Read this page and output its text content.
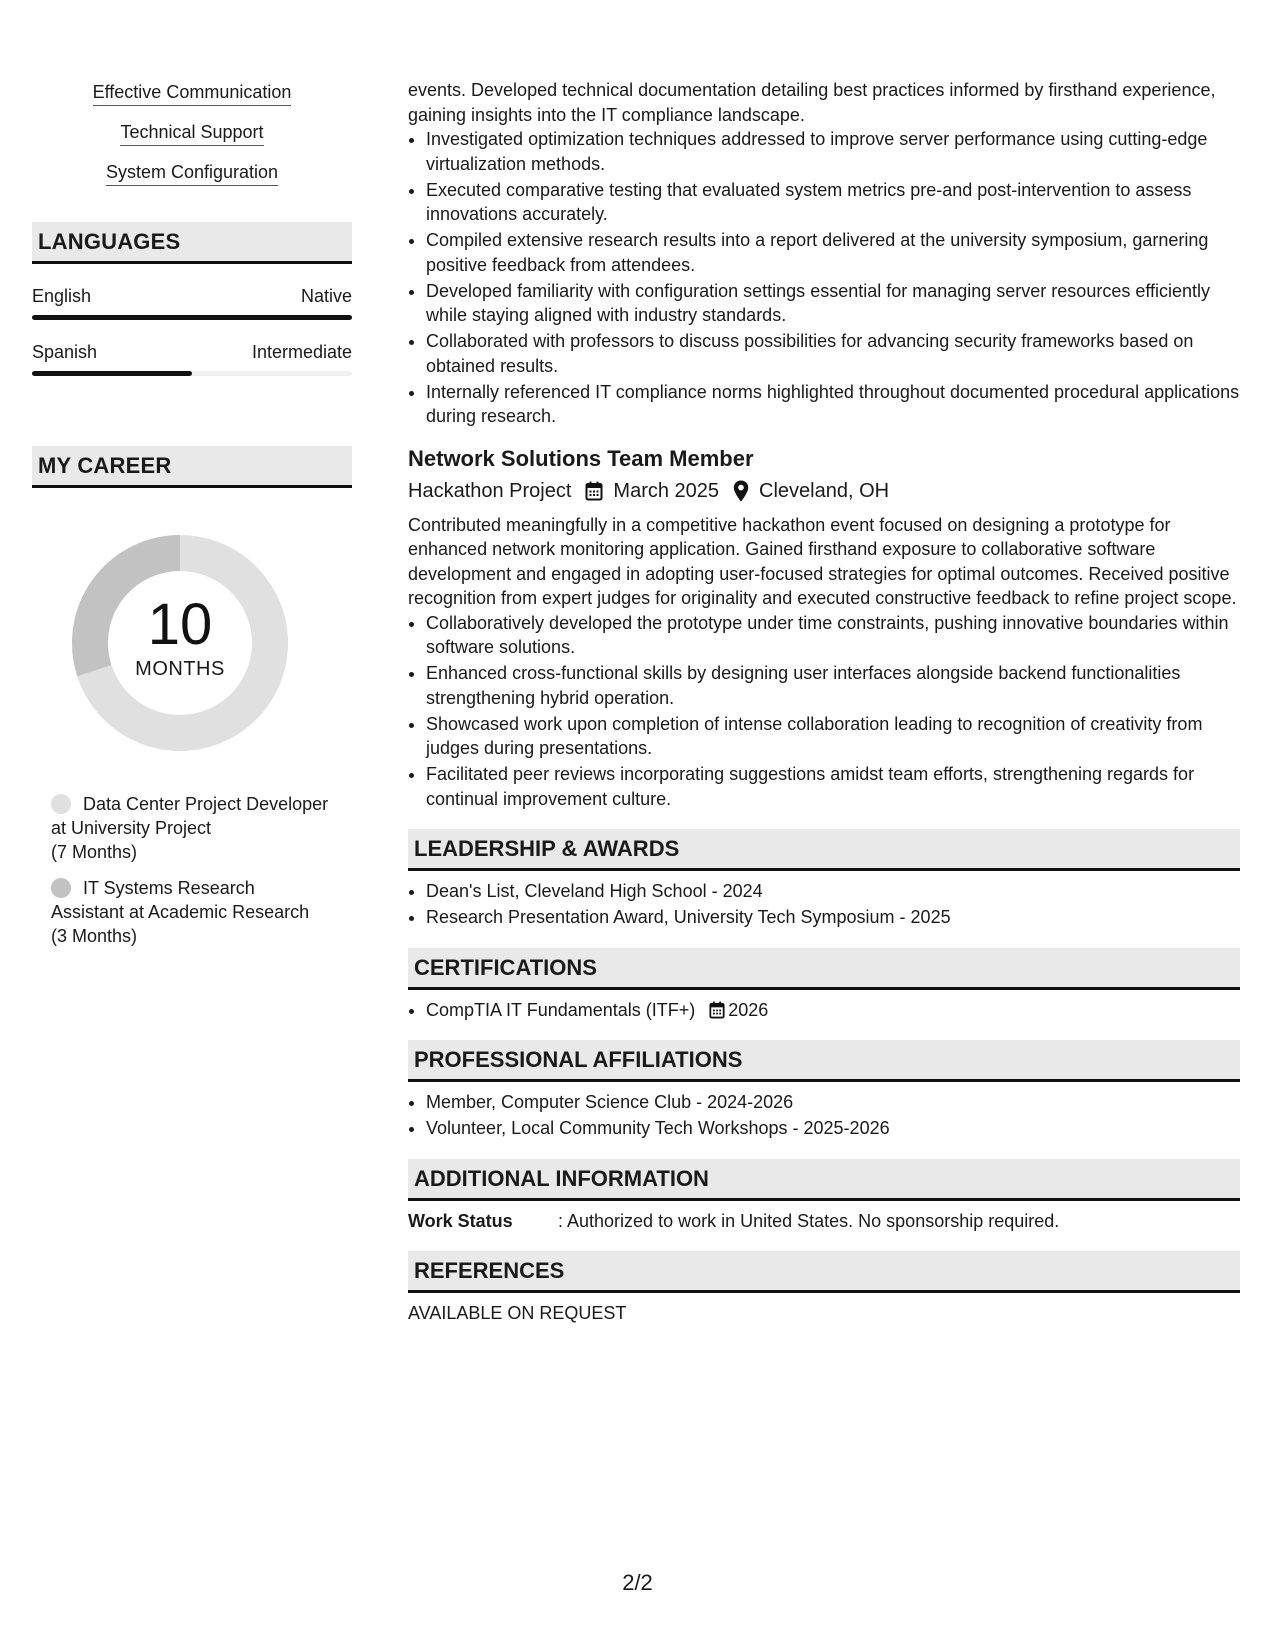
Effective Communication
Technical Support
System Configuration
LANGUAGES
English	Native
Spanish	Intermediate
MY CAREER
10
MONTHS
Data Center Project Developer at University Project
(7 Months)
IT Systems Research Assistant at Academic Research
(3 Months)

events. Developed technical documentation detailing best practices informed by firsthand experience, gaining insights into the IT compliance landscape.

• Investigated optimization techniques addressed to improve server performance using cutting-edge virtualization methods.
• Executed comparative testing that evaluated system metrics pre-and post-intervention to assess innovations accurately.
• Compiled extensive research results into a report delivered at the university symposium, garnering positive feedback from attendees.
• Developed familiarity with configuration settings essential for managing server resources efficiently while staying aligned with industry standards.
• Collaborated with professors to discuss possibilities for advancing security frameworks based on obtained results.
• Internally referenced IT compliance norms highlighted throughout documented procedural applications during research.
Network Solutions Team Member
Hackathon Project March 2025 Cleveland, OH

Contributed meaningfully in a competitive hackathon event focused on designing a prototype for enhanced network monitoring application. Gained firsthand exposure to collaborative software development and engaged in adopting user-focused strategies for optimal outcomes. Received positive recognition from expert judges for originality and executed constructive feedback to refine project scope.

• Collaboratively developed the prototype under time constraints, pushing innovative boundaries within software solutions.
• Enhanced cross-functional skills by designing user interfaces alongside backend functionalities strengthening hybrid operation.
• Showcased work upon completion of intense collaboration leading to recognition of creativity from judges during presentations.
• Facilitated peer reviews incorporating suggestions amidst team efforts, strengthening regards for continual improvement culture.
LEADERSHIP & AWARDS
• Dean's List, Cleveland High School - 2024
• Research Presentation Award, University Tech Symposium - 2025
CERTIFICATIONS
• CompTIA IT Fundamentals (ITF+) 2026
PROFESSIONAL AFFILIATIONS
• Member, Computer Science Club - 2024-2026
• Volunteer, Local Community Tech Workshops - 2025-2026
ADDITIONAL INFORMATION
Work Status	: Authorized to work in United States. No sponsorship required.
REFERENCES

AVAILABLE ON REQUEST

2/2
